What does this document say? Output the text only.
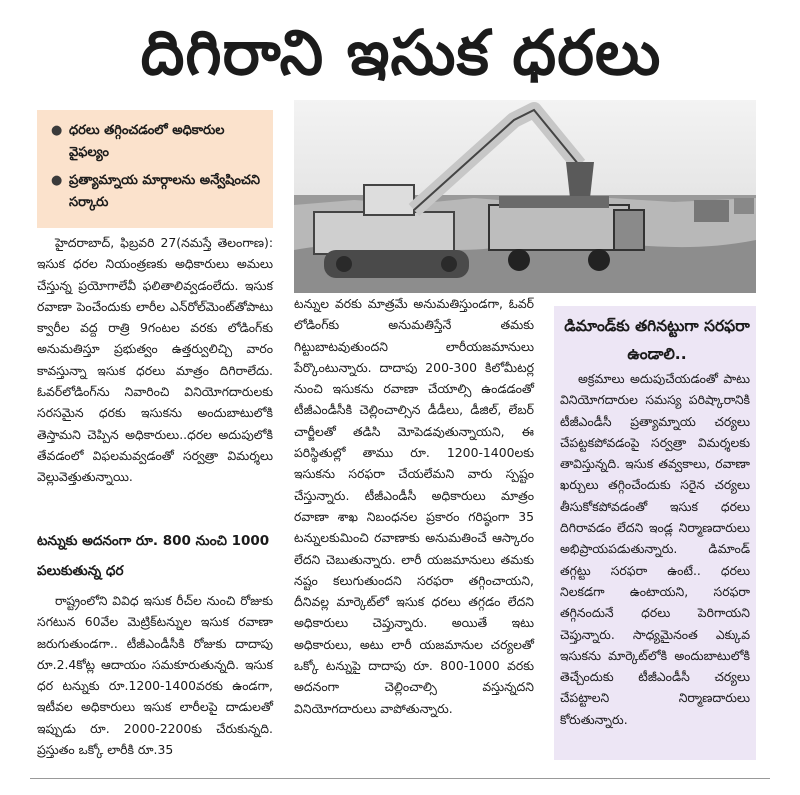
దిగిరాని ఇసుక ధరలు
● ధరలు తగ్గించడంలో అధికారుల వైఫల్యం
● ప్రత్యామ్నాయ మార్గాలను అన్వేషించని సర్కారు

హైదరాబాద్‌, ఫిబ్రవరి 27(నమస్తే తెలంగాణ): ఇసుక ధరల నియంత్రణకు అధికారులు అమలు చేస్తున్న ప్రయోగాలేవీ ఫలితాలివ్వడంలేదు. ఇసుక రవాణా పెంచేందుకు లారీల ఎన్‌రోల్‌మెంట్‌తోపాటు క్వారీల వద్ద రాత్రి 9గంటల వరకు లోడింగ్‌కు అనుమతిస్తూ ప్రభుత్వం ఉత్తర్వులిచ్చి వారం కావస్తున్నా ఇసుక ధరలు మాత్రం దిగిరాలేదు. ఓవర్‌లోడింగ్‌ను నివారించి వినియోగదారులకు సరసమైన ధరకు ఇసుకను అందుబాటులోకి తెస్తామని చెప్పిన అధికారులు..ధరల అదుపులోకి తేవడంలో విఫలమవ్వడంతో సర్వత్రా విమర్శలు వెల్లువెత్తుతున్నాయి.

టన్నుకు అదనంగా రూ. 800 నుంచి 1000 పలుకుతున్న ధర

రాష్ట్రంలోని వివిధ ఇసుక రీచ్‌ల నుంచి రోజుకు సగటున 60వేల మెట్రిక్‌టన్నుల ఇసుక రవాణా జరుగుతుండగా.. టీజీఎండీసీకి రోజుకు దాదాపు రూ.2.4కోట్ల ఆదాయం సమకూరుతున్నది. ఇసుక ధర టన్నుకు రూ.1200-1400వరకు ఉండగా, ఇటీవల అధికారులు ఇసుక లారీలపై దాడులతో ఇప్పుడు రూ. 2000-2200కు చేరుకున్నది. ప్రస్తుతం ఒక్కో లారీకి రూ.35

టన్నుల వరకు మాత్రమే అనుమతిస్తుండగా, ఓవర్ లోడింగ్‌కు అనుమతిస్తేనే తమకు గిట్టుబాటవుతుందని లారీయజమానులు పేర్కొంటున్నారు. దాదాపు 200-300 కిలోమీటర్ల నుంచి ఇసుకను రవాణా చేయాల్సి ఉండడంతో టీజీఎండీసీకి చెల్లించాల్సిన డీడీలు, డీజిల్‌, లేబర్ చార్జీలతో తడిసి మోపెడవుతున్నాయని, ఈ పరిస్థితుల్లో తాము రూ. 1200-1400లకు ఇసుకను సరఫరా చేయలేమని వారు స్పష్టం చేస్తున్నారు. టీజీఎండీసీ అధికారులు మాత్రం రవాణా శాఖ నిబంధనల ప్రకారం గరిష్ఠంగా 35 టన్నులకుమించి రవాణాకు అనుమతించే ఆస్కారం లేదని చెబుతున్నారు. లారీ యజమానులు తమకు నష్టం కలుగుతుందని సరఫరా తగ్గించాయని, దీనివల్ల మార్కెట్‌లో ఇసుక ధరలు తగ్గడం లేదని అధికారులు చెప్తున్నారు. అయితే ఇటు అధికారులు, అటు లారీ యజమానుల చర్యలతో ఒక్కో టన్నుపై దాదాపు రూ. 800-1000 వరకు అదనంగా చెల్లించాల్సి వస్తున్నదని వినియోగదారులు వాపోతున్నారు.

డిమాండ్‌కు తగినట్టుగా సరఫరా ఉండాలి..

అక్రమాలు అదుపుచేయడంతో పాటు వినియోగదారుల సమస్య పరిష్కారానికి టీజీఎండీసీ ప్రత్యామ్నాయ చర్యలు చేపట్టకపోవడంపై సర్వత్రా విమర్శలకు తావిస్తున్నది. ఇసుక తవ్వకాలు, రవాణా ఖర్చులు తగ్గించేందుకు సరైన చర్యలు తీసుకోకపోవడంతో ఇసుక ధరలు దిగిరావడం లేదని ఇండ్ల నిర్మాణదారులు అభిప్రాయపడుతున్నారు. డిమాండ్ తగ్గట్టు సరఫరా ఉంటే.. ధరలు నిలకడగా ఉంటాయని, సరఫరా తగ్గినందునే ధరలు పెరిగాయని చెప్తున్నారు. సాధ్యమైనంత ఎక్కువ ఇసుకను మార్కెట్‌లోకి అందుబాటులోకి తెచ్చేందుకు టీజీఎండీసీ చర్యలు చేపట్టాలని నిర్మాణదారులు కోరుతున్నారు.
